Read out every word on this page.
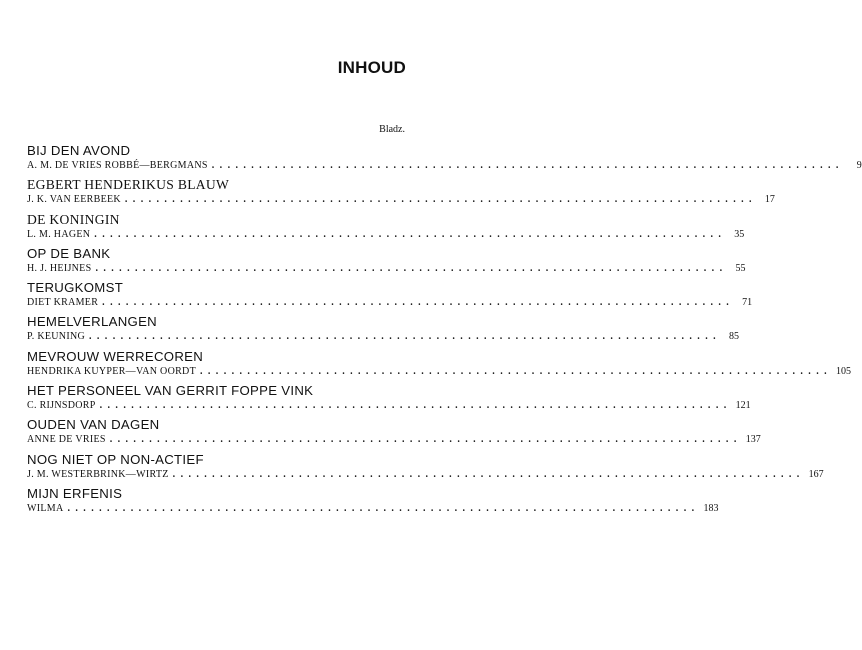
INHOUD
Bladz.
BIJ DEN AVOND
A. M. DE VRIES ROBBÉ—BERGMANS ................................................................................	9
EGBERT HENDERIKUS BLAUW
J. K. VAN EERBEEK ................................................................................ 17
DE KONINGIN
L. M. HAGEN ................................................................................ 35
OP DE BANK
H. J. HEIJNES ................................................................................ 55
TERUGKOMST
DIET KRAMER ................................................................................ 71
HEMELVERLANGEN
P. KEUNING ................................................................................ 85
MEVROUW WERRECOREN
HENDRIKA KUYPER—VAN OORDT ................................................................................ 105
HET PERSONEEL VAN GERRIT FOPPE VINK
C. RIJNSDORP ................................................................................ 121
OUDEN VAN DAGEN
ANNE DE VRIES ................................................................................ 137
NOG NIET OP NON-ACTIEF
J. M. WESTERBRINK—WIRTZ ................................................................................ 167
MIJN ERFENIS
WILMA ................................................................................ 183
